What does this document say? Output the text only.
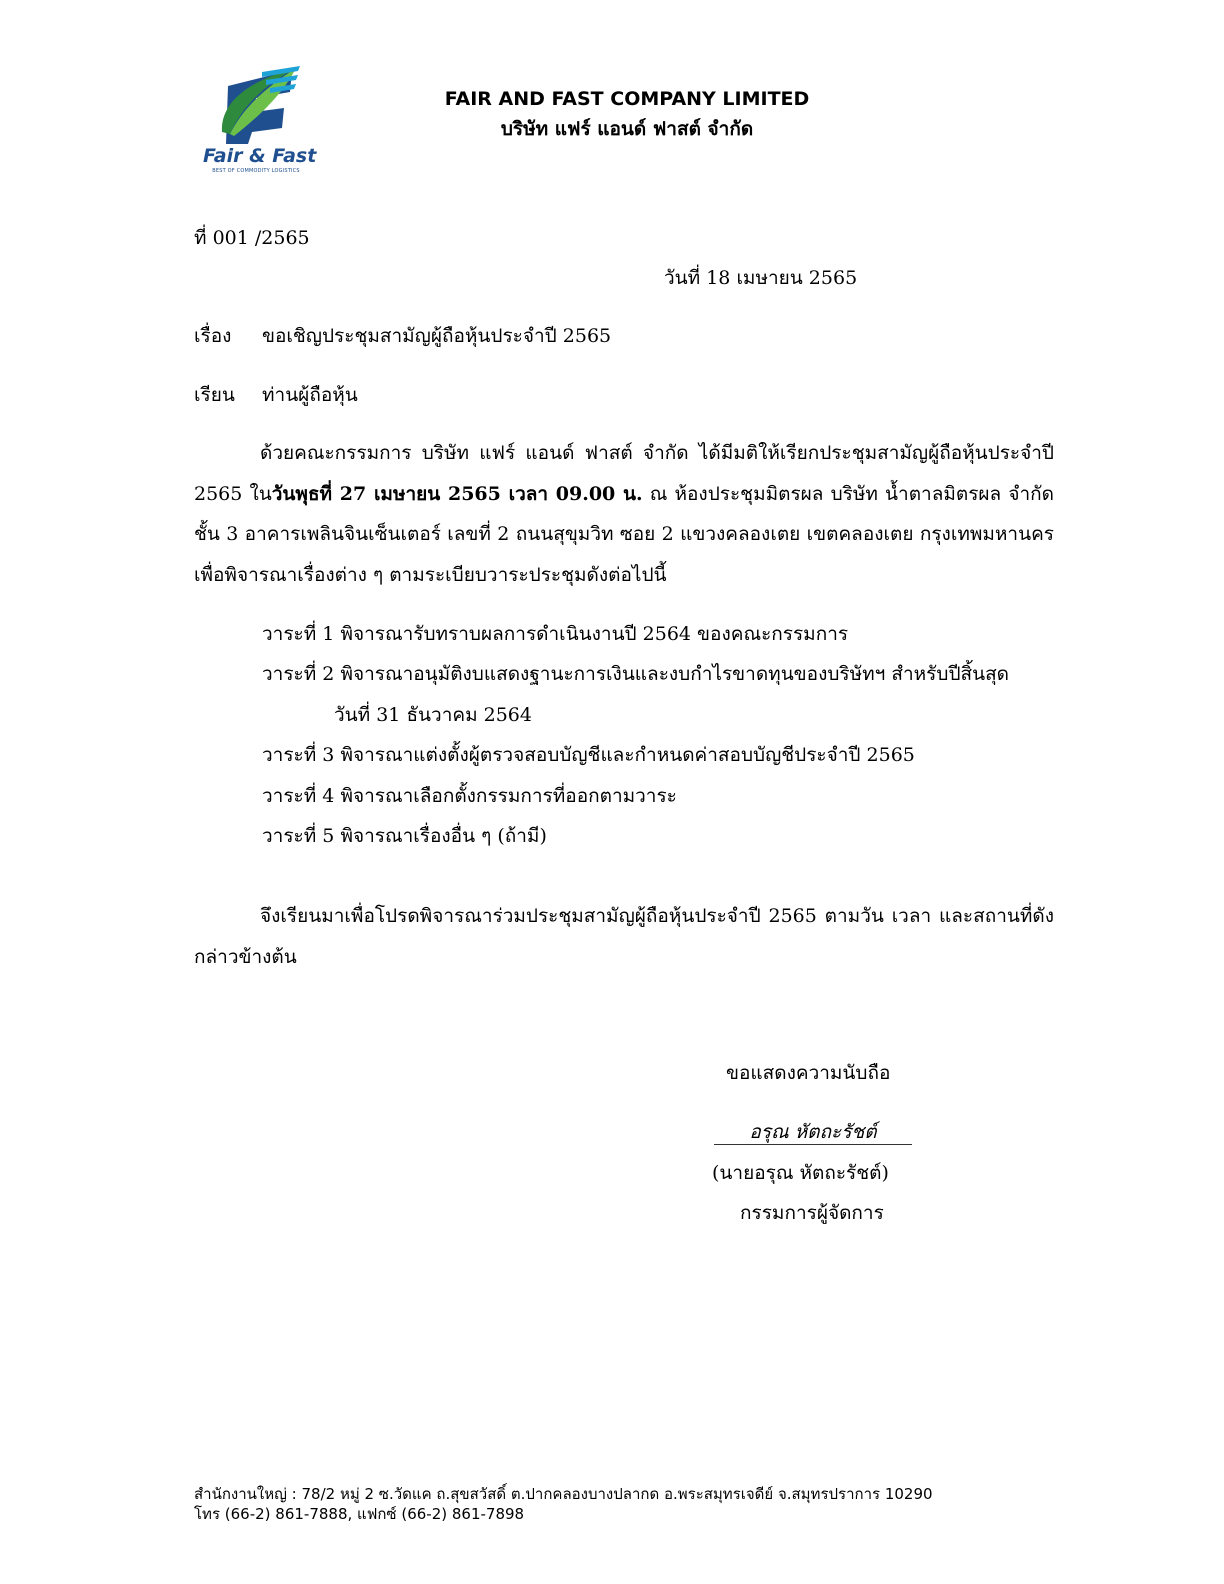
Fair & Fast
BEST OF COMMODITY LOGISTICS
FAIR AND FAST COMPANY LIMITED
บริษัท แฟร์ แอนด์ ฟาสต์ จำกัด
ที่ 001 /2565
วันที่ 18 เมษายน 2565
เรื่อง ขอเชิญประชุมสามัญผู้ถือหุ้นประจำปี 2565
เรียน ท่านผู้ถือหุ้น
ด้วยคณะกรรมการ บริษัท แฟร์ แอนด์ ฟาสต์ จำกัด ได้มีมติให้เรียกประชุมสามัญผู้ถือหุ้นประจำปี 2565 ในวันพุธที่ 27 เมษายน 2565 เวลา 09.00 น. ณ ห้องประชุมมิตรผล บริษัท น้ำตาลมิตรผล จำกัด ชั้น 3 อาคารเพลินจินเซ็นเตอร์ เลขที่ 2 ถนนสุขุมวิท ซอย 2 แขวงคลองเตย เขตคลองเตย กรุงเทพมหานคร เพื่อพิจารณาเรื่องต่าง ๆ ตามระเบียบวาระประชุมดังต่อไปนี้
วาระที่ 1 พิจารณารับทราบผลการดำเนินงานปี 2564 ของคณะกรรมการ
วาระที่ 2 พิจารณาอนุมัติงบแสดงฐานะการเงินและงบกำไรขาดทุนของบริษัทฯ สำหรับปีสิ้นสุด
วันที่ 31 ธันวาคม 2564
วาระที่ 3 พิจารณาแต่งตั้งผู้ตรวจสอบบัญชีและกำหนดค่าสอบบัญชีประจำปี 2565
วาระที่ 4 พิจารณาเลือกตั้งกรรมการที่ออกตามวาระ
วาระที่ 5 พิจารณาเรื่องอื่น ๆ (ถ้ามี)
จึงเรียนมาเพื่อโปรดพิจารณาร่วมประชุมสามัญผู้ถือหุ้นประจำปี 2565 ตามวัน เวลา และสถานที่ดังกล่าวข้างต้น
ขอแสดงความนับถือ
อรุณ หัตถะรัชต์
(นายอรุณ หัตถะรัชต์)
กรรมการผู้จัดการ
สำนักงานใหญ่ : 78/2 หมู่ 2 ซ.วัดแค ถ.สุขสวัสดิ์ ต.ปากคลองบางปลากด อ.พระสมุทรเจดีย์ จ.สมุทรปราการ 10290
โทร (66-2) 861-7888, แฟกซ์ (66-2) 861-7898
